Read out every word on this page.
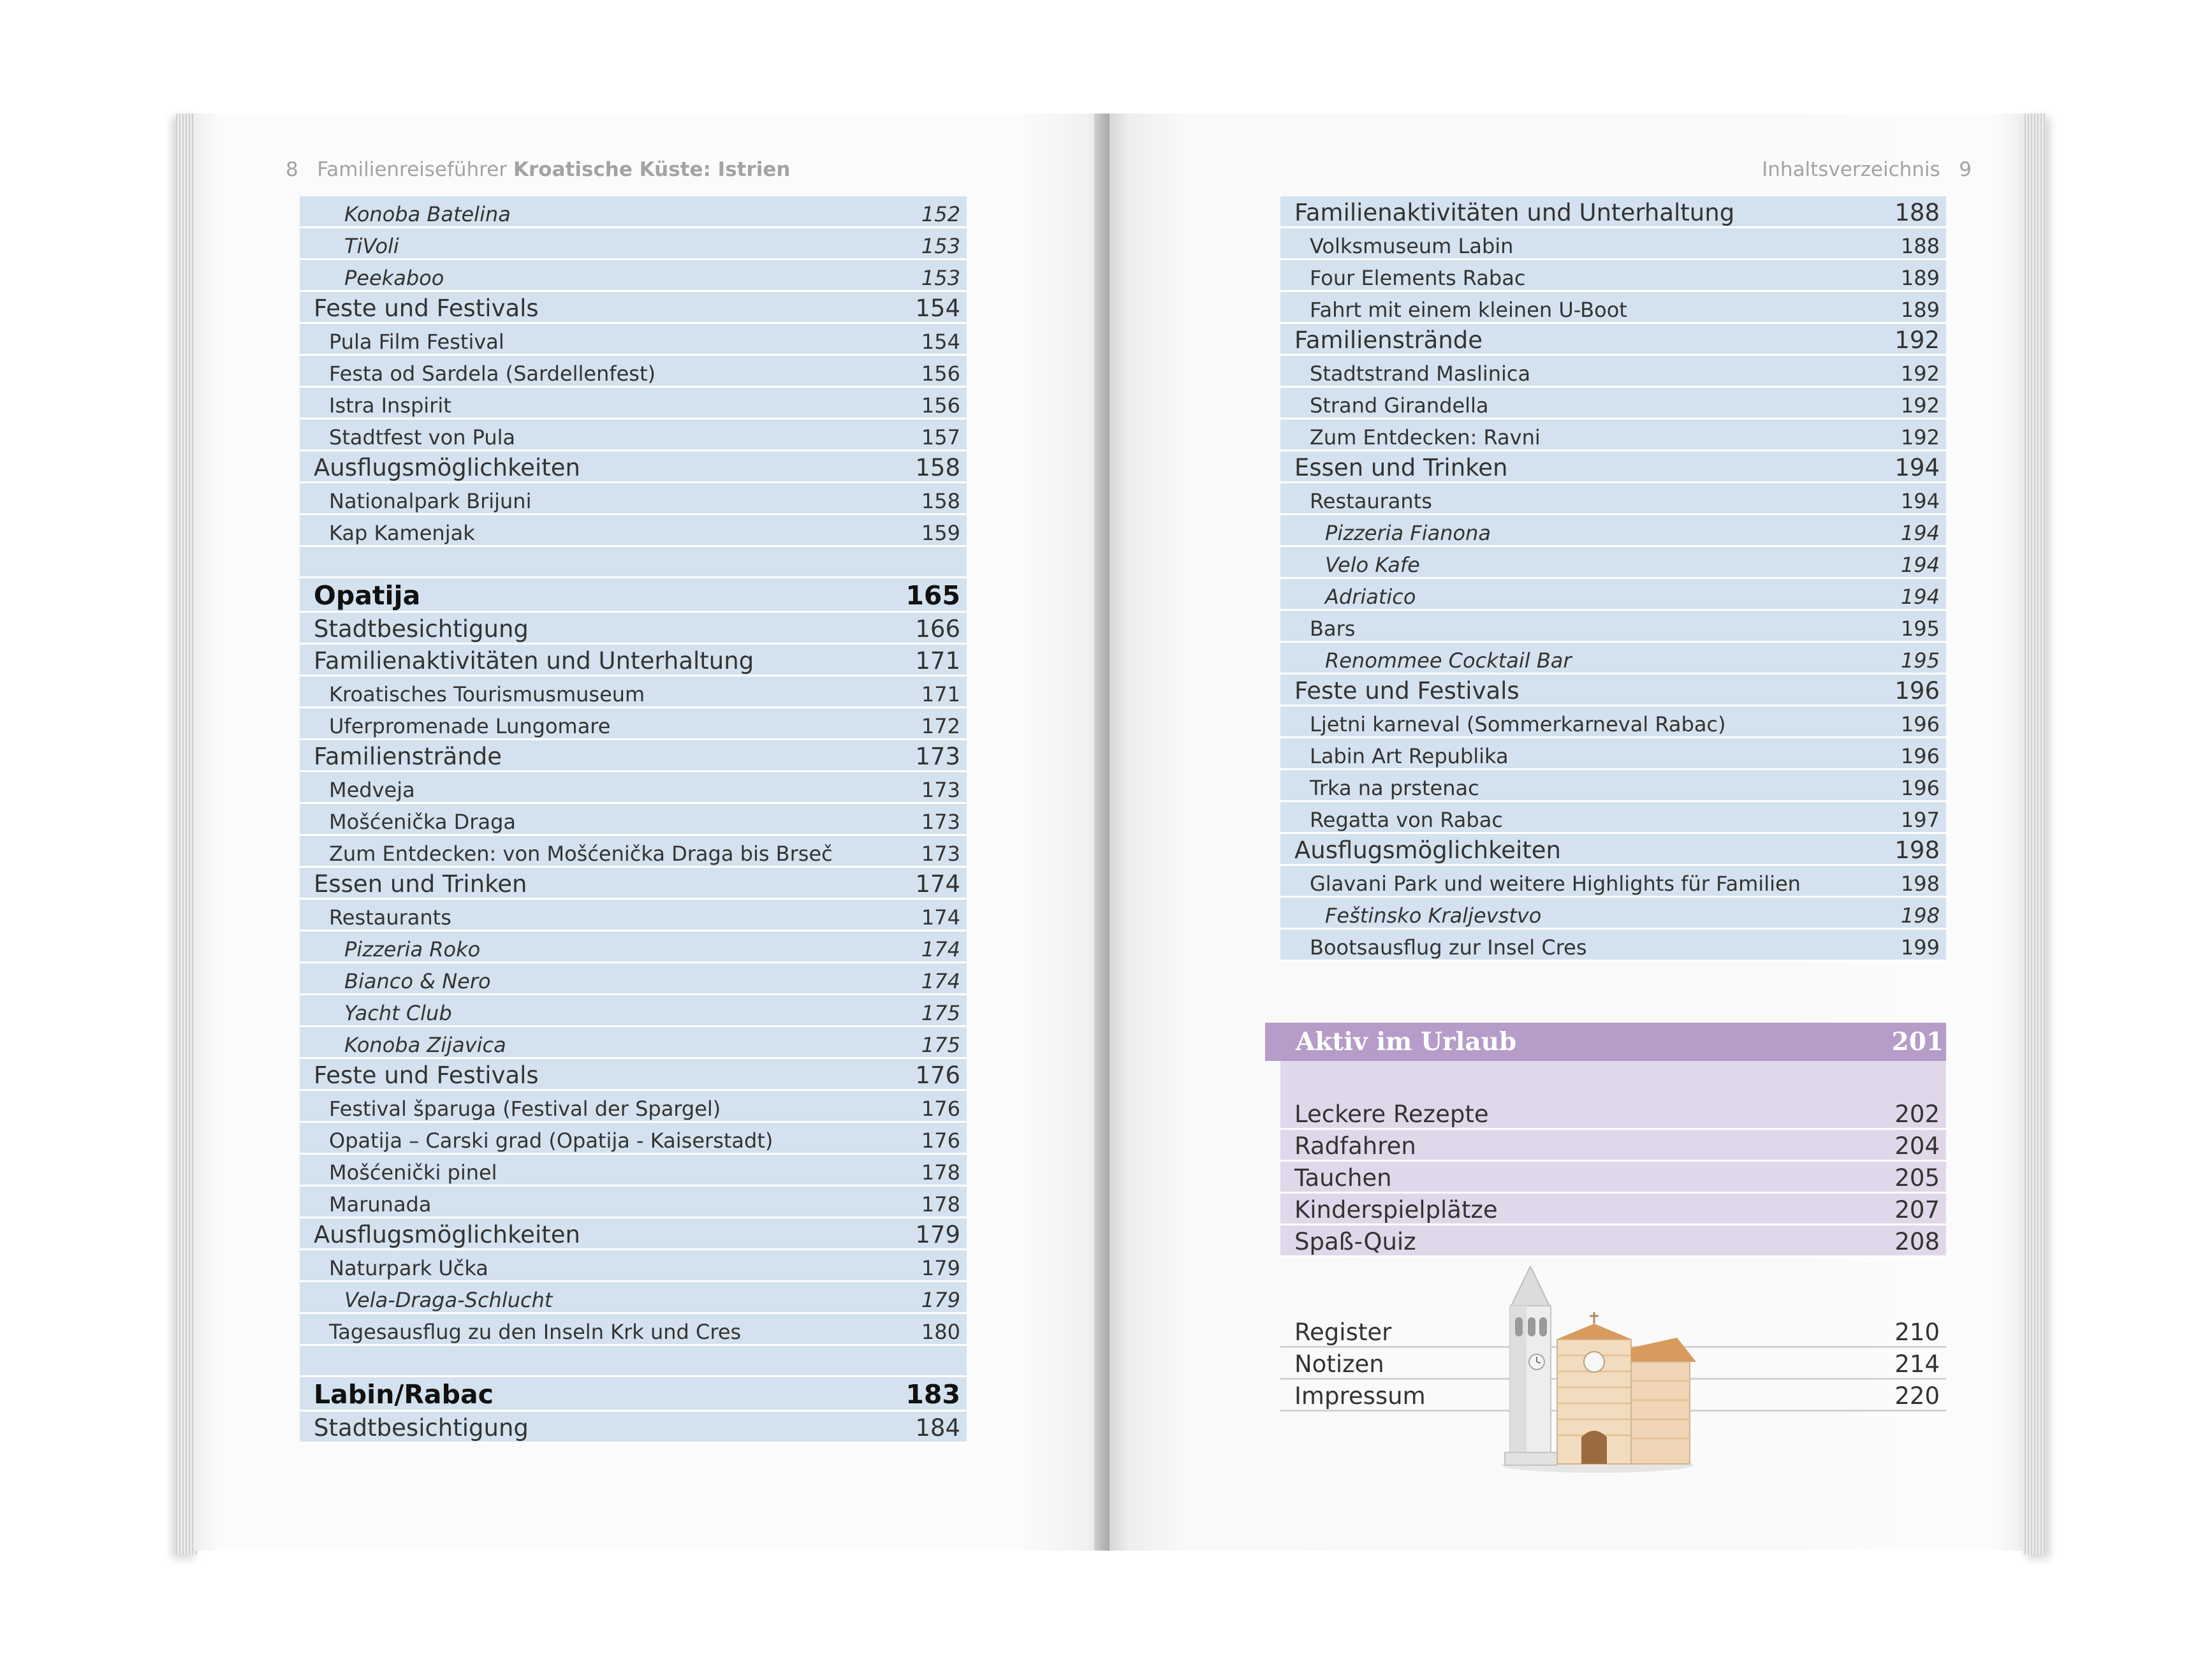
8 Familienreiseführer Kroatische Küste: Istrien
Konoba Batelina	152
TiVoli	153
Peekaboo	153
Feste und Festivals	154
Pula Film Festival	154
Festa od Sardela (Sardellenfest)	156
Istra Inspirit	156
Stadtfest von Pula	157
Ausflugsmöglichkeiten	158
Nationalpark Brijuni	158
Kap Kamenjak	159
Opatija	165
Stadtbesichtigung	166
Familienaktivitäten und Unterhaltung	171
Kroatisches Tourismusmuseum	171
Uferpromenade Lungomare	172
Familienstrände	173
Medveja	173
Mošćenička Draga	173
Zum Entdecken: von Mošćenička Draga bis Brseč	173
Essen und Trinken	174
Restaurants	174
Pizzeria Roko	174
Bianco & Nero	174
Yacht Club	175
Konoba Zijavica	175
Feste und Festivals	176
Festival šparuga (Festival der Spargel)	176
Opatija – Carski grad (Opatija - Kaiserstadt)	176
Mošćenički pinel	178
Marunada	178
Ausflugsmöglichkeiten	179
Naturpark Učka	179
Vela-Draga-Schlucht	179
Tagesausflug zu den Inseln Krk und Cres	180
Labin/Rabac	183
Stadtbesichtigung	184
Inhaltsverzeichnis 9
Familienaktivitäten und Unterhaltung	188
Volksmuseum Labin	188
Four Elements Rabac	189
Fahrt mit einem kleinen U-Boot	189
Familienstrände	192
Stadtstrand Maslinica	192
Strand Girandella	192
Zum Entdecken: Ravni	192
Essen und Trinken	194
Restaurants	194
Pizzeria Fianona	194
Velo Kafe	194
Adriatico	194
Bars	195
Renommee Cocktail Bar	195
Feste und Festivals	196
Ljetni karneval (Sommerkarneval Rabac)	196
Labin Art Republika	196
Trka na prstenac	196
Regatta von Rabac	197
Ausflugsmöglichkeiten	198
Glavani Park und weitere Highlights für Familien	198
Feštinsko Kraljevstvo	198
Bootsausflug zur Insel Cres	199
Aktiv im Urlaub	201
Leckere Rezepte	202
Radfahren	204
Tauchen	205
Kinderspielplätze	207
Spaß-Quiz	208
Register	210
Notizen	214
Impressum	220
